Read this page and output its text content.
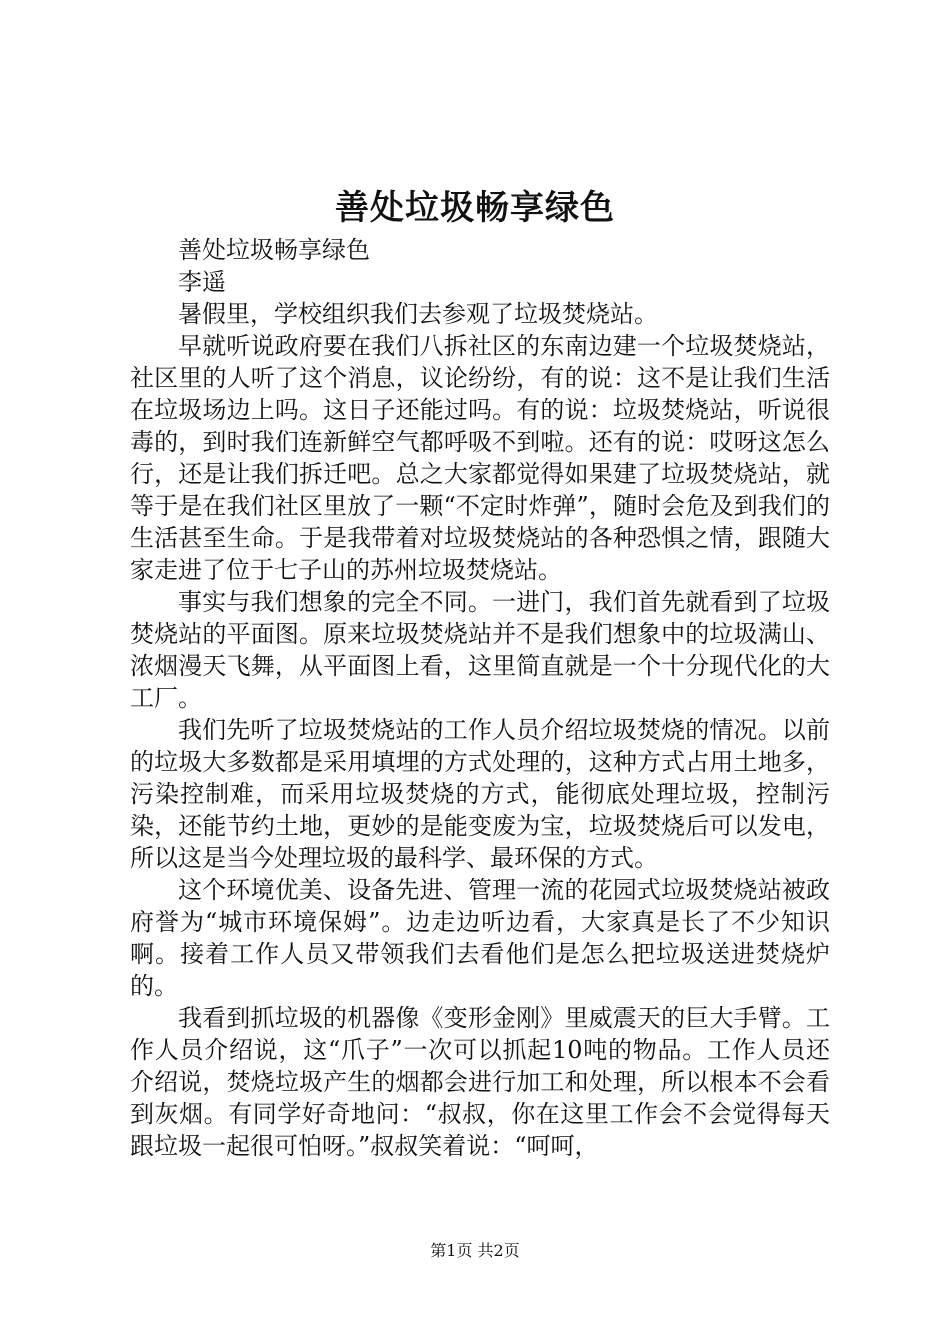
善处垃圾畅享绿色

善处垃圾畅享绿色

李遥

暑假里，学校组织我们去参观了垃圾焚烧站。

早就听说政府要在我们八拆社区的东南边建一个垃圾焚烧站，社区里的人听了这个消息，议论纷纷，有的说：这不是让我们生活在垃圾场边上吗。这日子还能过吗。有的说：垃圾焚烧站，听说很毒的，到时我们连新鲜空气都呼吸不到啦。还有的说：哎呀这怎么行，还是让我们拆迁吧。总之大家都觉得如果建了垃圾焚烧站，就等于是在我们社区里放了一颗“不定时炸弹”，随时会危及到我们的生活甚至生命。于是我带着对垃圾焚烧站的各种恐惧之情，跟随大家走进了位于七子山的苏州垃圾焚烧站。

事实与我们想象的完全不同。一进门，我们首先就看到了垃圾焚烧站的平面图。原来垃圾焚烧站并不是我们想象中的垃圾满山、浓烟漫天飞舞，从平面图上看，这里简直就是一个十分现代化的大工厂。

我们先听了垃圾焚烧站的工作人员介绍垃圾焚烧的情况。以前的垃圾大多数都是采用填埋的方式处理的，这种方式占用土地多，污染控制难，而采用垃圾焚烧的方式，能彻底处理垃圾，控制污染，还能节约土地，更妙的是能变废为宝，垃圾焚烧后可以发电，所以这是当今处理垃圾的最科学、最环保的方式。

这个环境优美、设备先进、管理一流的花园式垃圾焚烧站被政府誉为“城市环境保姆”。边走边听边看，大家真是长了不少知识啊。接着工作人员又带领我们去看他们是怎么把垃圾送进焚烧炉的。

我看到抓垃圾的机器像《变形金刚》里威震天的巨大手臂。工作人员介绍说，这“爪子”一次可以抓起10吨的物品。工作人员还介绍说，焚烧垃圾产生的烟都会进行加工和处理，所以根本不会看到灰烟。有同学好奇地问：“叔叔，你在这里工作会不会觉得每天跟垃圾一起很可怕呀。”叔叔笑着说：“呵呵，

第1页 共2页
